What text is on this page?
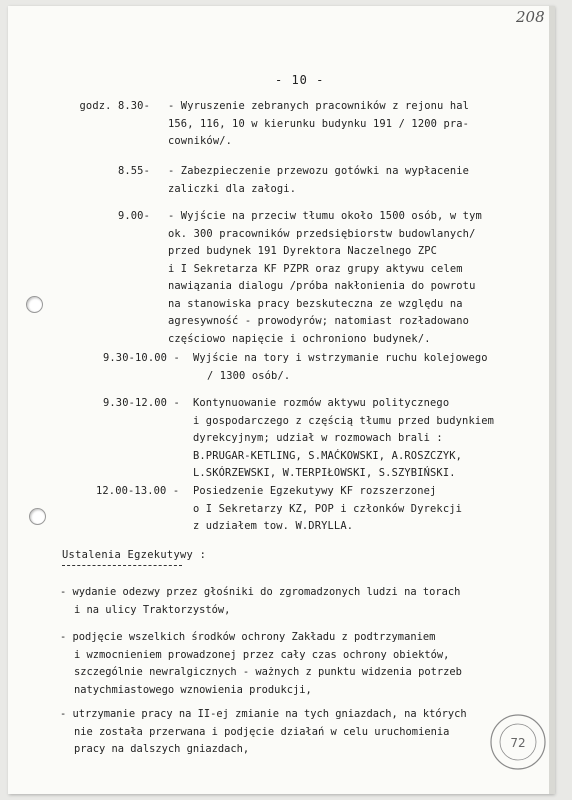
208
- 10 -
godz. 8.30- - Wyruszenie zebranych pracowników z rejonu hal
156, 116, 10 w kierunku budynku 191 / 1200 pra-
cowników/.
8.55- - Zabezpieczenie przewozu gotówki na wypłacenie
zaliczki dla załogi.
9.00- - Wyjście na przeciw tłumu około 1500 osób, w tym
ok. 300 pracowników przedsiębiorstw budowlanych/
przed budynek 191 Dyrektora Naczelnego ZPC
i I Sekretarza KF PZPR oraz grupy aktywu celem
nawiązania dialogu /próba nakłonienia do powrotu
na stanowiska pracy bezskuteczna ze względu na
agresywność - prowodyrów; natomiast rozładowano
częściowo napięcie i ochroniono budynek/.
9.30-10.00 - Wyjście na tory i wstrzymanie ruchu kolejowego
/ 1300 osób/.
9.30-12.00 - Kontynuowanie rozmów aktywu politycznego
i gospodarczego z częścią tłumu przed budynkiem
dyrekcyjnym; udział w rozmowach brali :
B.PRUGAR-KETLING, S.MAĆKOWSKI, A.ROSZCZYK,
L.SKÓRZEWSKI, W.TERPIŁOWSKI, S.SZYBIŃSKI.
12.00-13.00 - Posiedzenie Egzekutywy KF rozszerzonej
o I Sekretarzy KZ, POP i członków Dyrekcji
z udziałem tow. W.DRYLLA.
Ustalenia Egzekutywy :
- wydanie odezwy przez głośniki do zgromadzonych ludzi na torach
i na ulicy Traktorzystów,
- podjęcie wszelkich środków ochrony Zakładu z podtrzymaniem
i wzmocnieniem prowadzonej przez cały czas ochrony obiektów,
szczególnie newralgicznych - ważnych z punktu widzenia potrzeb
natychmiastowego wznowienia produkcji,
- utrzymanie pracy na II-ej zmianie na tych gniazdach, na których
nie została przerwana i podjęcie działań w celu uruchomienia
pracy na dalszych gniazdach,	72
